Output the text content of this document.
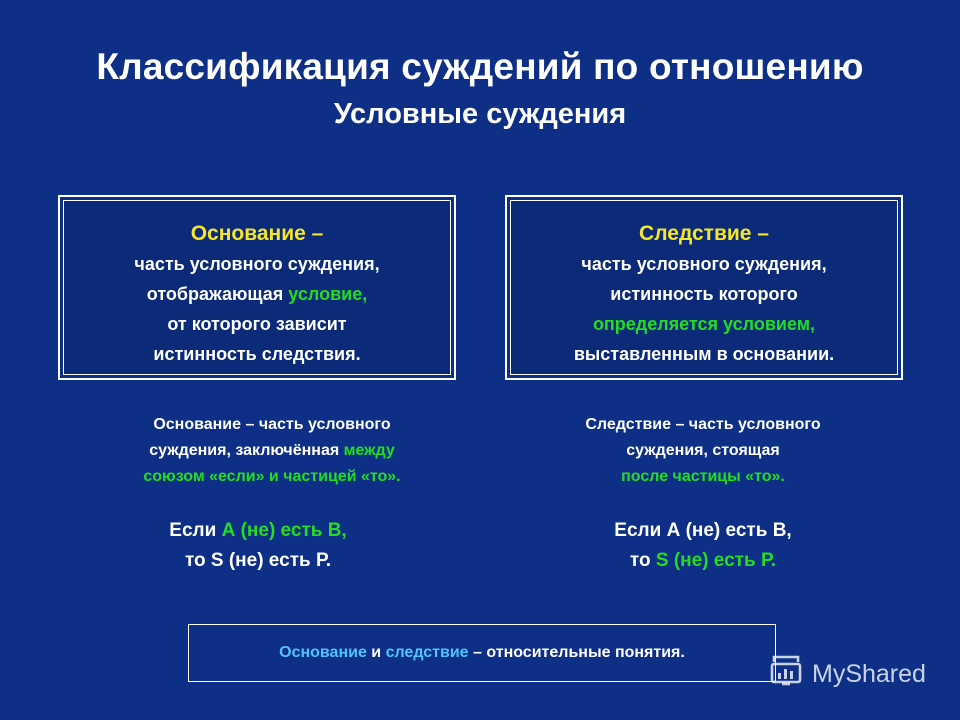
Классификация суждений по отношению
Условные суждения
Основание –
часть условного суждения,
отображающая условие,
от которого зависит
истинность следствия.
Следствие –
часть условного суждения,
истинность которого
определяется условием,
выставленным в основании.
Основание – часть условного
суждения, заключённая между
союзом «если» и частицей «то».
Следствие – часть условного
суждения, стоящая
после частицы «то».
Если А (не) есть В,
то S (не) есть Р.
Если А (не) есть В,
то S (не) есть Р.
Основание и следствие – относительные понятия.
MyShared
